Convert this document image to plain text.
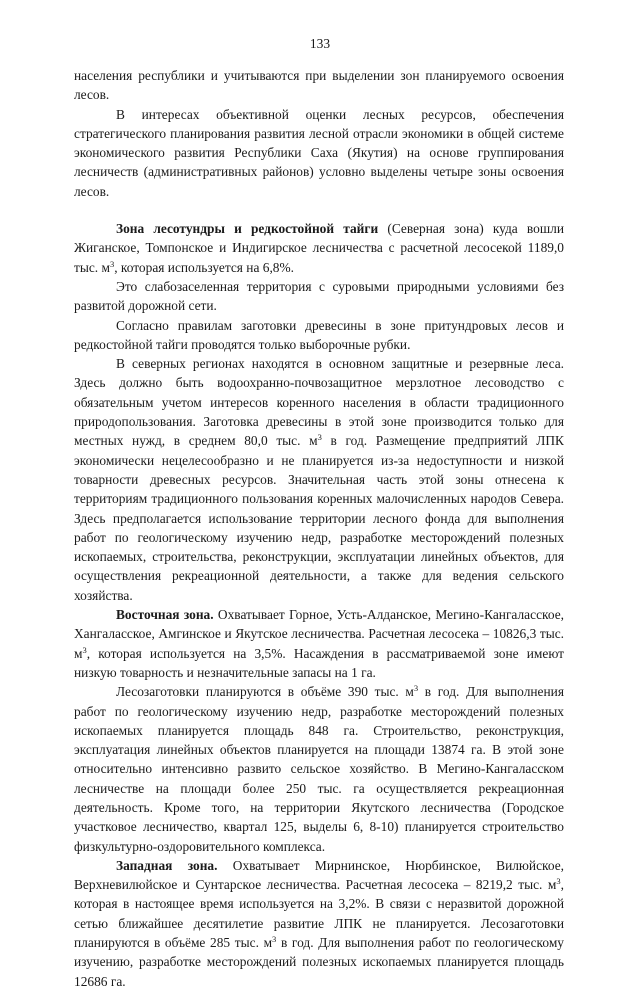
133

населения республики и учитываются при выделении зон планируемого освоения лесов.

В интересах объективной оценки лесных ресурсов, обеспечения стратегического планирования развития лесной отрасли экономики в общей системе экономического развития Республики Саха (Якутия) на основе группирования лесничеств (административных районов) условно выделены четыре зоны освоения лесов.

Зона лесотундры и редкостойной тайги (Северная зона) куда вошли Жиганское, Томпонское и Индигирское лесничества с расчетной лесосекой 1189,0 тыс. $м^3$, которая используется на 6,8%.

Это слабозаселенная территория с суровыми природными условиями без развитой дорожной сети.

Согласно правилам заготовки древесины в зоне притундровых лесов и редкостойной тайги проводятся только выборочные рубки.

В северных регионах находятся в основном защитные и резервные леса. Здесь должно быть водоохранно-почвозащитное мерзлотное лесоводство с обязательным учетом интересов коренного населения в области традиционного природопользования. Заготовка древесины в этой зоне производится только для местных нужд, в среднем 80,0 тыс. $м^3$ в год. Размещение предприятий ЛПК экономически нецелесообразно и не планируется из-за недоступности и низкой товарности древесных ресурсов. Значительная часть этой зоны отнесена к территориям традиционного пользования коренных малочисленных народов Севера. Здесь предполагается использование территории лесного фонда для выполнения работ по геологическому изучению недр, разработке месторождений полезных ископаемых, строительства, реконструкции, эксплуатации линейных объектов, для осуществления рекреационной деятельности, а также для ведения сельского хозяйства.

Восточная зона. Охватывает Горное, Усть-Алданское, Мегино-Кангаласское, Хангаласское, Амгинское и Якутское лесничества. Расчетная лесосека – 10826,3 тыс. $м^3$, которая используется на 3,5%. Насаждения в рассматриваемой зоне имеют низкую товарность и незначительные запасы на 1 га.

Лесозаготовки планируются в объёме 390 тыс. $м^3$ в год. Для выполнения работ по геологическому изучению недр, разработке месторождений полезных ископаемых планируется площадь 848 га. Строительство, реконструкция, эксплуатация линейных объектов планируется на площади 13874 га. В этой зоне относительно интенсивно развито сельское хозяйство. В Мегино-Кангаласском лесничестве на площади более 250 тыс. га осуществляется рекреационная деятельность. Кроме того, на территории Якутского лесничества (Городское участковое лесничество, квартал 125, выделы 6, 8-10) планируется строительство физкультурно-оздоровительного комплекса.

Западная зона. Охватывает Мирнинское, Нюрбинское, Вилюйское, Верхневилюйское и Сунтарское лесничества. Расчетная лесосека – 8219,2 тыс. $м^3$, которая в настоящее время используется на 3,2%. В связи с неразвитой дорожной сетью ближайшее десятилетие развитие ЛПК не планируется. Лесозаготовки планируются в объёме 285 тыс. $м^3$ в год. Для выполнения работ по геологическому изучению, разработке месторождений полезных ископаемых планируется площадь 12686 га.
